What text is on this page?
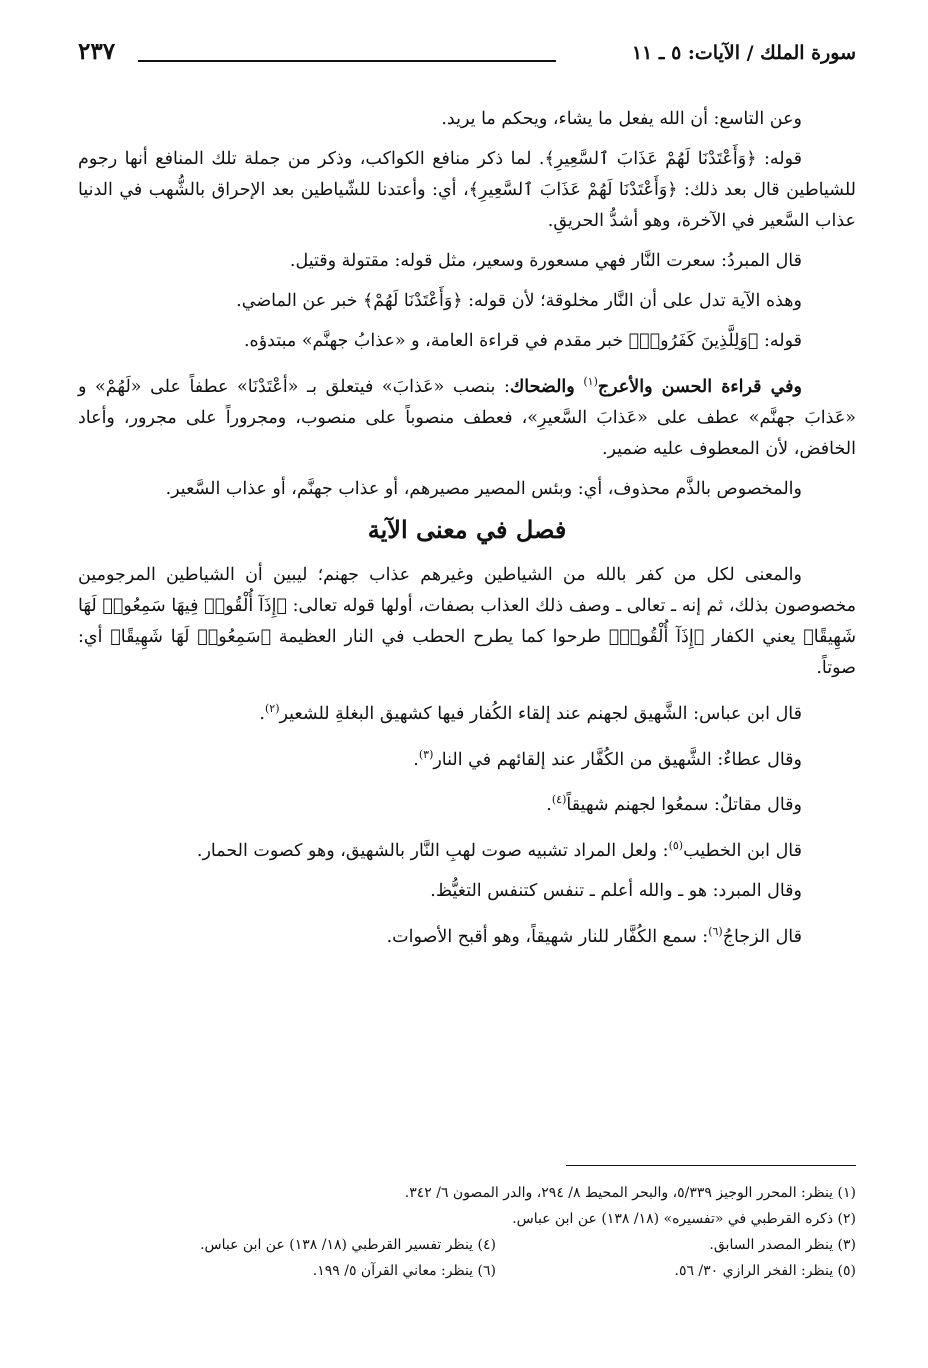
سورة الملك / الآيات: ٥ ـ ١١
٢٣٧

وعن التاسع: أن الله يفعل ما يشاء، ويحكم ما يريد.

قوله: ﴿وَأَعْتَدْنَا لَهُمْ عَذَابَ ٱلسَّعِيرِ﴾. لما ذكر منافع الكواكب، وذكر من جملة تلك المنافع أنها رجوم للشياطين قال بعد ذلك: ﴿وَأَعْتَدْنَا لَهُمْ عَذَابَ ٱلسَّعِيرِ﴾، أي: وأعتدنا للشّياطين بعد الإحراق بالشُّهب في الدنيا عذاب السَّعير في الآخرة، وهو أشدُّ الحريقِ.

قال المبردُ: سعرت النَّار فهي مسعورة وسعير، مثل قوله: مقتولة وقتيل.

وهذه الآية تدل على أن النَّار مخلوقة؛ لأن قوله: ﴿وَأَعْتَدْنَا لَهُمْ﴾ خبر عن الماضي.

قوله: ﴿وَلِلَّذِينَ كَفَرُوا۟﴾ خبر مقدم في قراءة العامة، و «عذابُ جهنَّم» مبتدؤه.

وفي قراءة الحسن والأعرج$^{(١)}$ والضحاك: بنصب «عَذابَ» فيتعلق بـ «أعْتَدْنَا» عطفاً على «لَهُمْ» و «عَذابَ جهنَّم» عطف على «عَذابَ السَّعيرِ»، فعطف منصوباً على منصوب، ومجروراً على مجرور، وأعاد الخافض، لأن المعطوف عليه ضمير.

والمخصوص بالذَّم محذوف، أي: وبئس المصير مصيرهم، أو عذاب جهنَّم، أو عذاب السَّعير.

فصل في معنى الآية

والمعنى لكل من كفر بالله من الشياطين وغيرهم عذاب جهنم؛ ليبين أن الشياطين المرجومين مخصوصون بذلك، ثم إنه ـ تعالى ـ وصف ذلك العذاب بصفات، أولها قوله تعالى: ﴿إِذَآ أُلْقُوا۟ فِيهَا سَمِعُوا۟ لَهَا شَهِيقًا﴾ يعني الكفار ﴿إِذَآ أُلْقُوا۟﴾ طرحوا كما يطرح الحطب في النار العظيمة ﴿سَمِعُوا۟ لَهَا شَهِيقًا﴾ أي: صوتاً.

قال ابن عباس: الشَّهيق لجهنم عند إلقاء الكُفار فيها كشهيق البغلةِ للشعير$^{(٢)}$.

وقال عطاءٌ: الشَّهيق من الكُفَّار عند إلقائهم في النار$^{(٣)}$.

وقال مقاتلٌ: سمعُوا لجهنم شهيقاً$^{(٤)}$.

قال ابن الخطيب$^{(٥)}$: ولعل المراد تشبيه صوت لهبِ النَّار بالشهيق، وهو كصوت الحمار.

وقال المبرد: هو ـ والله أعلم ـ تنفس كتنفس التغيُّظ.

قال الزجاجُ$^{(٦)}$: سمع الكُفَّار للنار شهيقاً، وهو أقبح الأصوات.

(١) ينظر: المحرر الوجيز ٥/٣٣٩، والبحر المحيط ٨/ ٢٩٤، والدر المصون ٦/ ٣٤٢.
(٢) ذكره القرطبي في «تفسيره» (١٨/ ١٣٨) عن ابن عباس.
(٣) ينظر المصدر السابق.
(٤) ينظر تفسير القرطبي (١٨/ ١٣٨) عن ابن عباس.
(٥) ينظر: الفخر الرازي ٣٠/ ٥٦.
(٦) ينظر: معاني القرآن ٥/ ١٩٩.
